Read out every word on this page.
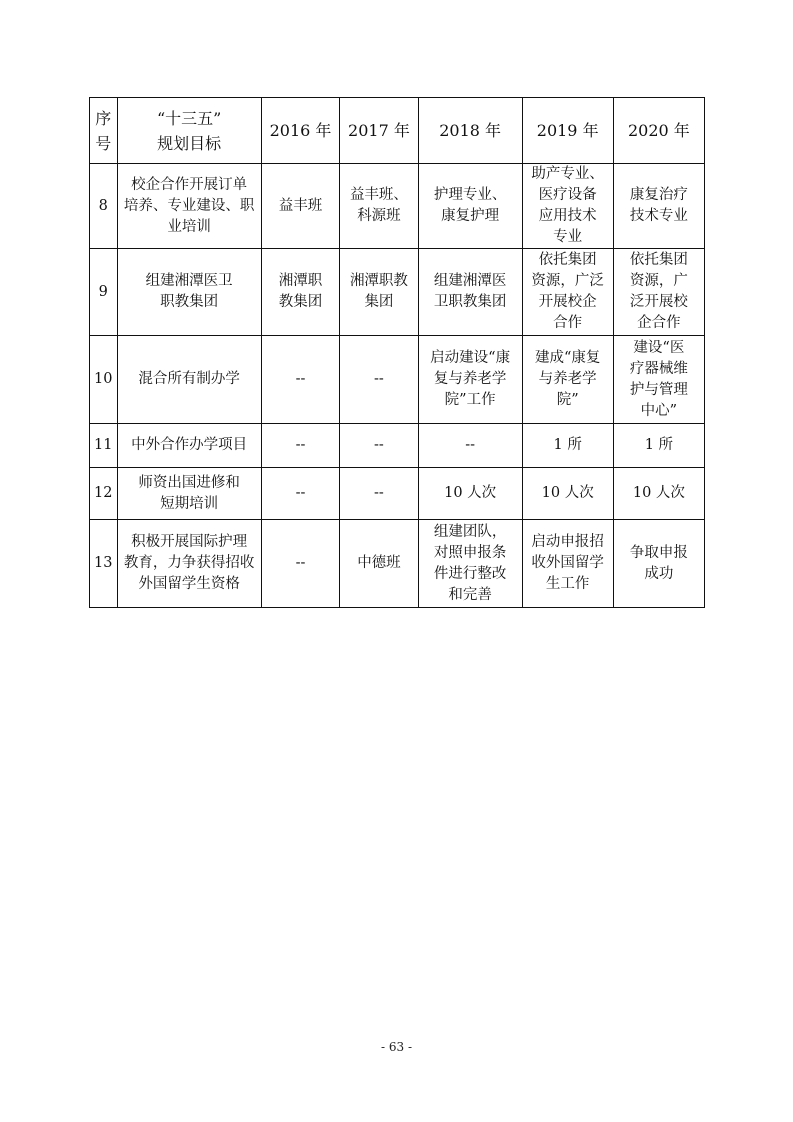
序
号	“十三五”
规划目标	2016 年	2017 年	2018 年	2019 年	2020 年
8	校企合作开展订单
培养、专业建设、职
业培训	益丰班	益丰班、
科源班	护理专业、
康复护理	助产专业、
医疗设备
应用技术
专业	康复治疗
技术专业
9	组建湘潭医卫
职教集团	湘潭职
教集团	湘潭职教
集团	组建湘潭医
卫职教集团	依托集团
资源，广泛
开展校企
合作	依托集团
资源，广
泛开展校
企合作
10	混合所有制办学	--	--	启动建设“康
复与养老学
院”工作	建成“康复
与养老学
院”	建设“医
疗器械维
护与管理
中心”
11	中外合作办学项目	--	--	--	1 所	1 所
12	师资出国进修和
短期培训	--	--	10 人次	10 人次	10 人次
13	积极开展国际护理
教育，力争获得招收
外国留学生资格	--	中德班	组建团队，
对照申报条
件进行整改
和完善	启动申报招
收外国留学
生工作	争取申报
成功
- 63 -
